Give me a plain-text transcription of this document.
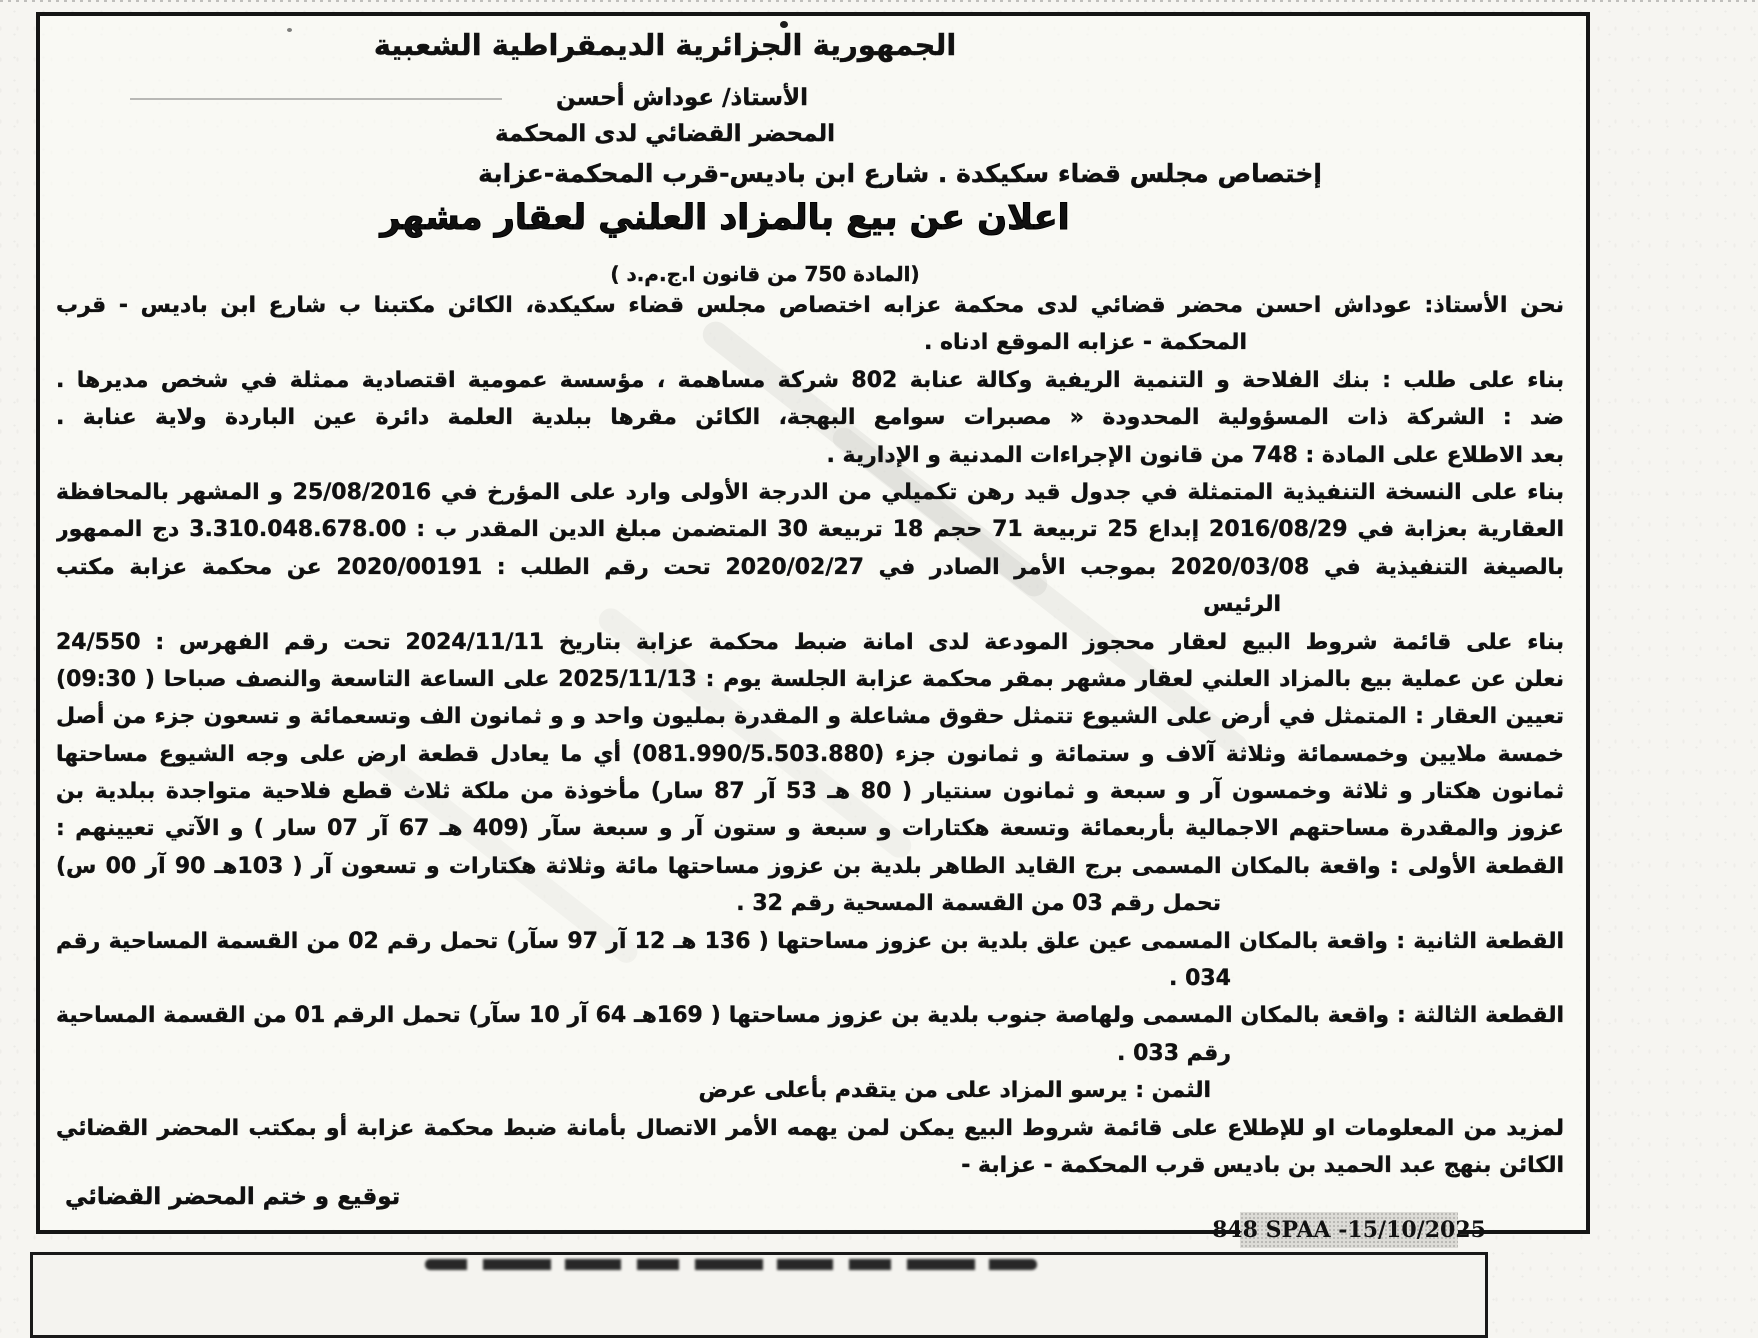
الجمهورية الجزائرية الديمقراطية الشعبية
الأستاذ/ عوداش أحسن
المحضر القضائي لدى المحكمة
إختصاص مجلس قضاء سكيكدة . شارع ابن باديس-قرب المحكمة-عزابة
اعلان عن بيع بالمزاد العلني لعقار مشهر
(المادة 750 من قانون ا.ج.م.د )
نحن الأستاذ: عوداش احسن محضر قضائي لدى محكمة عزابه اختصاص مجلس قضاء سكيكدة، الكائن مكتبنا ب شارع ابن باديس - قرب
المحكمة - عزابه الموقع ادناه .
بناء على طلب : بنك الفلاحة و التنمية الريفية وكالة عنابة 802 شركة مساهمة ، مؤسسة عمومية اقتصادية ممثلة في شخص مديرها .
ضد : الشركة ذات المسؤولية المحدودة « مصبرات سوامع البهجة، الكائن مقرها ببلدية العلمة دائرة عين الباردة ولاية عنابة .
بعد الاطلاع على المادة : 748 من قانون الإجراءات المدنية و الإدارية .
بناء على النسخة التنفيذية المتمثلة في جدول قيد رهن تكميلي من الدرجة الأولى وارد على المؤرخ في 25/08/2016 و المشهر بالمحافظة
العقارية بعزابة في 2016/08/29 إبداع 25 تربيعة 71 حجم 18 تربيعة 30 المتضمن مبلغ الدين المقدر ب : 3.310.048.678.00 دج الممهور
بالصيغة التنفيذية في 2020/03/08 بموجب الأمر الصادر في 2020/02/27 تحت رقم الطلب : 2020/00191 عن محكمة عزابة مكتب
الرئيس
بناء على قائمة شروط البيع لعقار محجوز المودعة لدى امانة ضبط محكمة عزابة بتاريخ 2024/11/11 تحت رقم الفهرس : 24/550
نعلن عن عملية بيع بالمزاد العلني لعقار مشهر بمقر محكمة عزابة الجلسة يوم : 2025/11/13 على الساعة التاسعة والنصف صباحا ( 09:30)
تعيين العقار : المتمثل في أرض على الشيوع تتمثل حقوق مشاعلة و المقدرة بمليون واحد و و ثمانون الف وتسعمائة و تسعون جزء من أصل
خمسة ملايين وخمسمائة وثلاثة آلاف و ستمائة و ثمانون جزء (081.990/5.503.880) أي ما يعادل قطعة ارض على وجه الشيوع مساحتها
ثمانون هكتار و ثلاثة وخمسون آر و سبعة و ثمانون سنتيار ( 80 هـ 53 آر 87 سار) مأخوذة من ملكة ثلاث قطع فلاحية متواجدة ببلدية بن
عزوز والمقدرة مساحتهم الاجمالية بأربعمائة وتسعة هكتارات و سبعة و ستون آر و سبعة سآر (409 هـ 67 آر 07 سار ) و الآتي تعيينهم :
القطعة الأولى : واقعة بالمكان المسمى برج القايد الطاهر بلدية بن عزوز مساحتها مائة وثلاثة هكتارات و تسعون آر ( 103هـ 90 آر 00 س)
تحمل رقم 03 من القسمة المسحية رقم 32 .
القطعة الثانية : واقعة بالمكان المسمى عين علق بلدية بن عزوز مساحتها ( 136 هـ 12 آر 97 سآر) تحمل رقم 02 من القسمة المساحية رقم
034 .
القطعة الثالثة : واقعة بالمكان المسمى ولهاصة جنوب بلدية بن عزوز مساحتها ( 169هـ 64 آر 10 سآر) تحمل الرقم 01 من القسمة المساحية
رقم 033 .
الثمن : يرسو المزاد على من يتقدم بأعلى عرض
لمزيد من المعلومات او للإطلاع على قائمة شروط البيع يمكن لمن يهمه الأمر الاتصال بأمانة ضبط محكمة عزابة أو بمكتب المحضر القضائي
الكائن بنهج عبد الحميد بن باديس قرب المحكمة - عزابة -
توقيع و ختم المحضر القضائي
848 SPAA -15/10/2025
